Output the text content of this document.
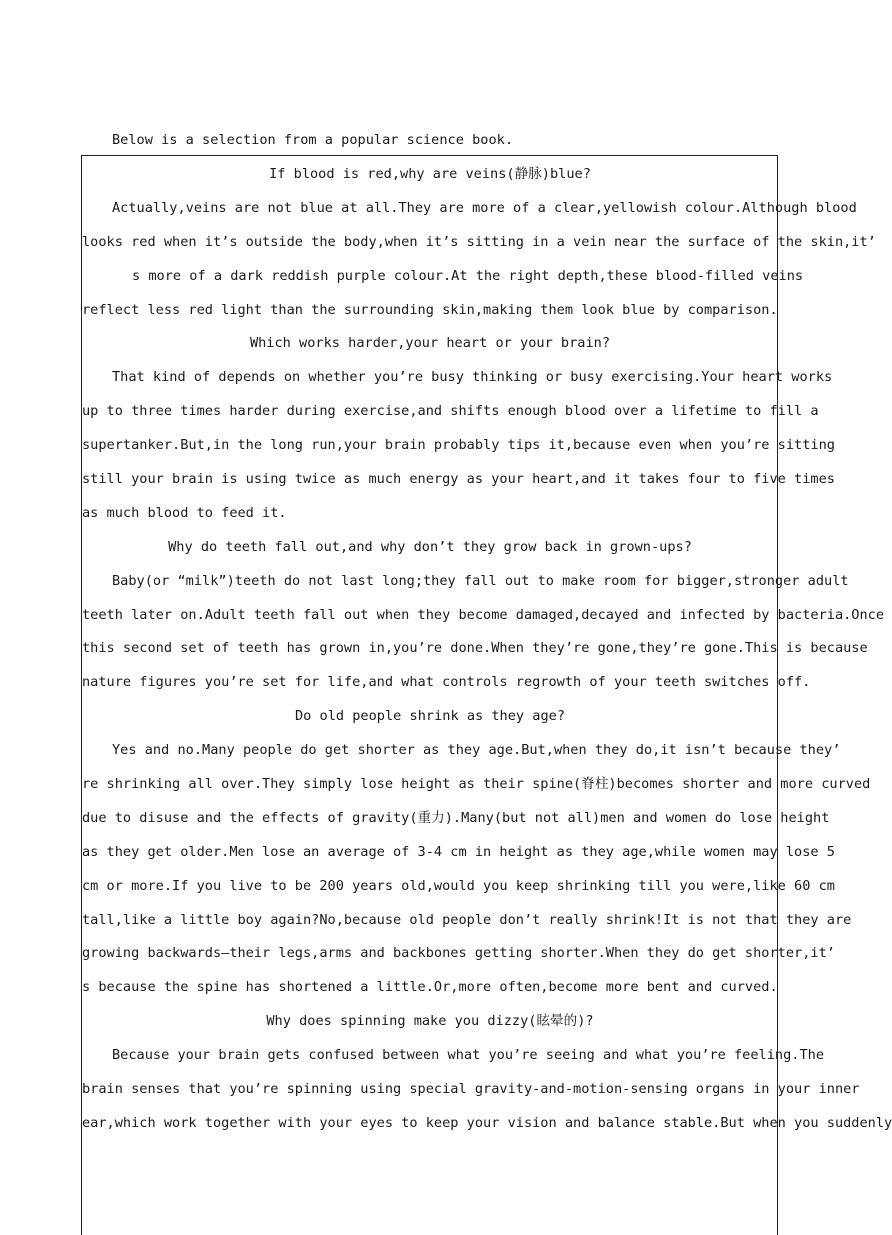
Below is a selection from a popular science book.
If blood is red,why are veins(静脉)blue?
Actually,veins are not blue at all.They are more of a clear,yellowish colour.Although blood
looks red when it’s outside the body,when it’s sitting in a vein near the surface of the skin,it’
s more of a dark reddish purple colour.At the right depth,these blood-filled veins
reflect less red light than the surrounding skin,making them look blue by comparison.
Which works harder,your heart or your brain?
That kind of depends on whether you’re busy thinking or busy exercising.Your heart works
up to three times harder during exercise,and shifts enough blood over a lifetime to fill a
supertanker.But,in the long run,your brain probably tips it,because even when you’re sitting
still your brain is using twice as much energy as your heart,and it takes four to five times
as much blood to feed it.
Why do teeth fall out,and why don’t they grow back in grown-ups?
Baby(or “milk”)teeth do not last long;they fall out to make room for bigger,stronger adult
teeth later on.Adult teeth fall out when they become damaged,decayed and infected by bacteria.Once
this second set of teeth has grown in,you’re done.When they’re gone,they’re gone.This is because
nature figures you’re set for life,and what controls regrowth of your teeth switches off.
Do old people shrink as they age?
Yes and no.Many people do get shorter as they age.But,when they do,it isn’t because they’
re shrinking all over.They simply lose height as their spine(脊柱)becomes shorter and more curved
due to disuse and the effects of gravity(重力).Many(but not all)men and women do lose height
as they get older.Men lose an average of 3-4 cm in height as they age,while women may lose 5
cm or more.If you live to be 200 years old,would you keep shrinking till you were,like 60 cm
tall,like a little boy again?No,because old people don’t really shrink!It is not that they are
growing backwards—their legs,arms and backbones getting shorter.When they do get shorter,it’
s because the spine has shortened a little.Or,more often,become more bent and curved.
Why does spinning make you dizzy(眩晕的)?
Because your brain gets confused between what you’re seeing and what you’re feeling.The
brain senses that you’re spinning using special gravity-and-motion-sensing organs in your inner
ear,which work together with your eyes to keep your vision and balance stable.But when you suddenly
